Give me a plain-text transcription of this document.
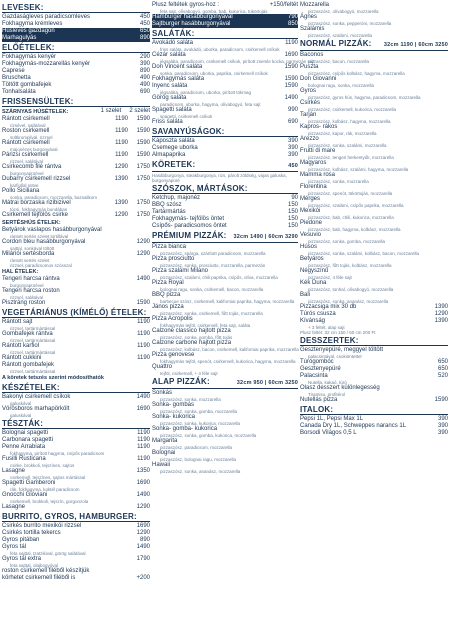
LEVESEK:
Gazdaságleves paradicsomleves	450
Fokhagyma krémleves	450
Húsleves gazdagon	650
Marhagulyás	890
ELŐÉTELEK:
Fokhagymás kenyér	290
Fokhagymás-mozzarellás kenyér	390
Caprese	890
Bruschetta	490
Töltött gombafejek	490
Tonhalsaláta	690
FRISSENSÜLTEK:
SZÁRNYAS HÚSÉTELEK:	1 szelet 2 szelet
Rántott csirkemell	1190 1590
rizsével, salátával
Roston csirkemell	1190 1590
sültkrumplival, rizzsel
Rántott csirkemell	1190 1590
majonézes burgonyával
Párizsi csirkemell	1190 1590
rizzsel, salátával
Csirkecomb filé rántva	1290 1750
burgonyapürével
Dubarry csirkemell rizzsel	1390 1750
karfiollal sütve
Pollo Siciliana
sonka, paradicsom, mozzarella, bazsalikom
Mátrai borzaska rizibizivel	1390 1750
tócsi, fokhagymás bundában
Csirkemell tejfölös csirke	1290 1750
SERTÉSHÚS ÉTELEK:
Betyárok vaslapos hasábburgonyával
rántott sertés szelet tortillával
Cordon bleu hasábburgonyával	1290
sajttal, sonkával töltött
Milánói sertésborda	1290
rántott sertés szelet
rizzsel, paradicsomos szósszal
HAL ÉTELEK:
Tengeri harcsa rántva	1490
burgonyapürével
Tengeri harcsa roston
rizzsel, salátával
Pisztráng roston	1590
VEGETÁRIÁNUS (KÍMÉLŐ) ÉTELEK:
Rántott sajt	1190
rizzsel, tartármártással
Gombafejek rántva	1190
rizzsel, tartármártással
Rántott karfiol	1190
rizzsel, tartármártással
Rántott cukkini	1190
Rántott gombafejek
rizzsel, tartármártással
A köretek tetszés szerint módosíthatók
KÉSZÉTELEK:
Bakonyi csirkemell csíkok	1490
galuskával
Vörösboros marhapörkölt	1690
galuskával
TÉSZTÁK:
Bolognai spagetti	1190
Carbonara spagetti	1190
Penne Arrabiata	1190
fokhagyma, pirított hagyma, csípős paradicsom
Fusilli Rusticana	1190
csirke, brokkoli, tejszínes, sajtos
Lasagne	1350
csirkemell, tejszínes, sajtos mártással
Spagetti Gamberoni	1690
rák, fokhagyma, koktél paradicsom
Gnocchi Gioviani	1490
csirkemell, brokkoli, tejszín, gorgonzola
Lasagne	1290
BURRITO, GYROS, HAMBURGER:
Csirkés burrito mexikói rizzsel	1690
Csirkés tortilla tekercs	1290
Gyros pitában	890
Gyros tál	1490
feta sajttal, tzatzikival, görög salátával
Gyros tál extra	1790
feta sajttal, olajbogyóval
roston csirkemell filéből készítjük
körhetet csirkemell filéből is	+200
Plusz feltétek gyros-hoz :	+150/feltét
feta sajt, olívabogyó, gomba, bab, kukorica, tükörtojás
Hamburger hasábburgonyával	790
Sajtburger hasábburgonyával	850
SALÁTÁK:
Avokádó saláta	1190
friss saláta, avokádó, uborka, paradicsom, csirkemell csíkok
Cézár saláta	1690
jégsaláta, paradicsom, csirkemell csíkok, pirított zsemle kocka, parmezán sajt
Don Vincent saláta	1590
sonka, paradicsom, uborka, paprika, csirkemell csíkok
Fokhagymás saláta	1590
Inyenc saláta	1590
jégsaláta, paradicsom, uborka, pirított tökmag
Görög saláta	1490
paradicsom, uborka, hagyma, olívabogyó, feta sajt
Spagetti saláta	990
spagetti, csirkemell csíkok
Friss saláta	690
SAVANYÚSÁGOK:
Káposzta saláta	390
Csemege uborka	390
Almapaprika	390
KÖRETEK:	450
Hasábburgonya, steakburgonya, rizs, párolt zöldség, vajas galuska, burgonyapüré
SZÓSZOK, MÁRTÁSOK:
Ketchup, majonéz	90
BBQ szósz	150
Tartármártás	150
Fokhagymás- tejfölös öntet	150
Csípős- paradicsomos öntet	150
PRÉMIUM PIZZÁK: 32cm 1490 | 60cm 3290
Pizza bianca
pizzaszósz, spárga, szárított paradicsom, mozzarella
Pizza prosciutto
pizzaszósz, sonka, prosciutto, mozzarella, parmezán
Pizza szalámi Milano
pizzaszósz, szalámi, chili paprika, csípős, olíva, mozzarella
Pizza Royal
bolognai ragu, sonka, csirkemell, bacon, mozzarella
BBQ pizza
barbecue szósz, csirkemell, kaliforniai paprika, hagyma, mozzarella
János pizza
pizzaszósz, sonka, csirkemell, főtt tojás, mozzarella
Pizza Acropolis
fokhagymás tejföl, csirkemell, feta sajt, saláta
Calzone classico hajtott pizza
pizzaszósz, sonka, gomba, főtt tojás
Calzone carbone hajtott pizza
pizzaszósz, kolbász, bacon, csirkemell, kaliforniai paprika, mozzarella
Pizza genovese
fokhagymás tejföl, spenót, csirkemell, kukorica, hagyma, mozzarella
Quattro
tejföl, csirkemell, + 4 féle sajt
ALAP PIZZÁK:	32cm 950 | 60cm 3250
Sonkás
pizzaszósz, sonka, mozzarella
Sonka- gombás
pizzaszósz, sonka, gomba, mozzarella
Sonka- kukorica
pizzaszósz, sonka, kukorica, mozzarella
Sonka- gomba- kukorica
pizzaszósz, sonka, gomba, kukorica, mozzarella
Margarita
pizzaszósz, paradicsom, mozzarella
Bolognai
pizzaszósz, bolognai ragu, mozzarella
Hawaii
pizzaszósz, sonka, ananász, mozzarella
Mozzarella
pizzaszósz, olívabogyó, mozzarella
Ágnes
pizzaszósz, sonka, pepperóni, mozzarella
Szalámis
pizzaszósz, szalámi, mozzarella
NORMÁL PIZZÁK: 32cm 1190 | 60cm 3250
Baconos
pizzaszósz, bacon, mozzarella
Puszta
pizzaszósz, csípős kolbász, hagyma, mozzarella
Don Giovanni
bolognai ragu, sonka, mozzarella
Gyros
pizzaszósz, gyros hús, hagyma, paradicsom, mozzarella
Csirkés
pizzaszósz, csirkemell, kukorica, mozzarella
Tarján
pizzaszósz, kolbász, hagyma, mozzarella
Kapros- rákos
pizzaszósz, kapor, rák, mozzarella
Arezzo
pizzaszósz, sonka, szalámi, mozzarella
Frutti di mare
pizzaszósz, tengeri herkentyűk, mozzarella
Magyaros
pizzaszósz, kolbász, szalámi, hagyma, mozzarella
Mamma rosa
pizzaszósz, sonka, mozzarella
Florentina
pizzaszósz, spenót, tükörtojás, mozzarella
Mérges
pizzaszósz, szalámi, csípős paprika, mozzarella
Mexikói
pizzaszósz, bab, chili, kukorica, mozzarella
Piedone
pizzaszósz, bab, hagyma, kolbász, mozzarella
Vesuvio
pizzaszósz, sonka, gomba, mozzarella
Húsos
pizzaszósz, sonka, szalámi, kolbász, bacon, mozzarella
Betyáros
pizzaszósz, főtt tojás, kolbász, mozzarella
Négyszínű
pizzaszósz, 4 féle sajt
Kék Duna
pizzaszósz, tonhal, olívabogyó, mozzarella
Bali
pizzaszósz, sonka, ananász, mozzarella
Pizzacsiga mix 30 db	1390
Túrós csusza	1290
Kívánság	1390
+ 3 feltét, alap sajt
Plusz feltét: 32 cm 150 / 60 cm 200 Ft
DESSZERTEK:
Gesztenyepüré, meggyel töltött
palacsintával, csokiöntettel
Túrógombóc	650
Gesztenyepüré	650
Palacsinta	520
Nutella, kakaó, túró
Olasz desszert különlegesség
Tiramisu, profitérol
Nutellás pizza	1590
ITALOK:
Pepsi 1L, Pepsi Max 1L	390
Canada Dry 1L, Schweppes narancs 1L	390
Borsodi Világos 0,5 L	390
